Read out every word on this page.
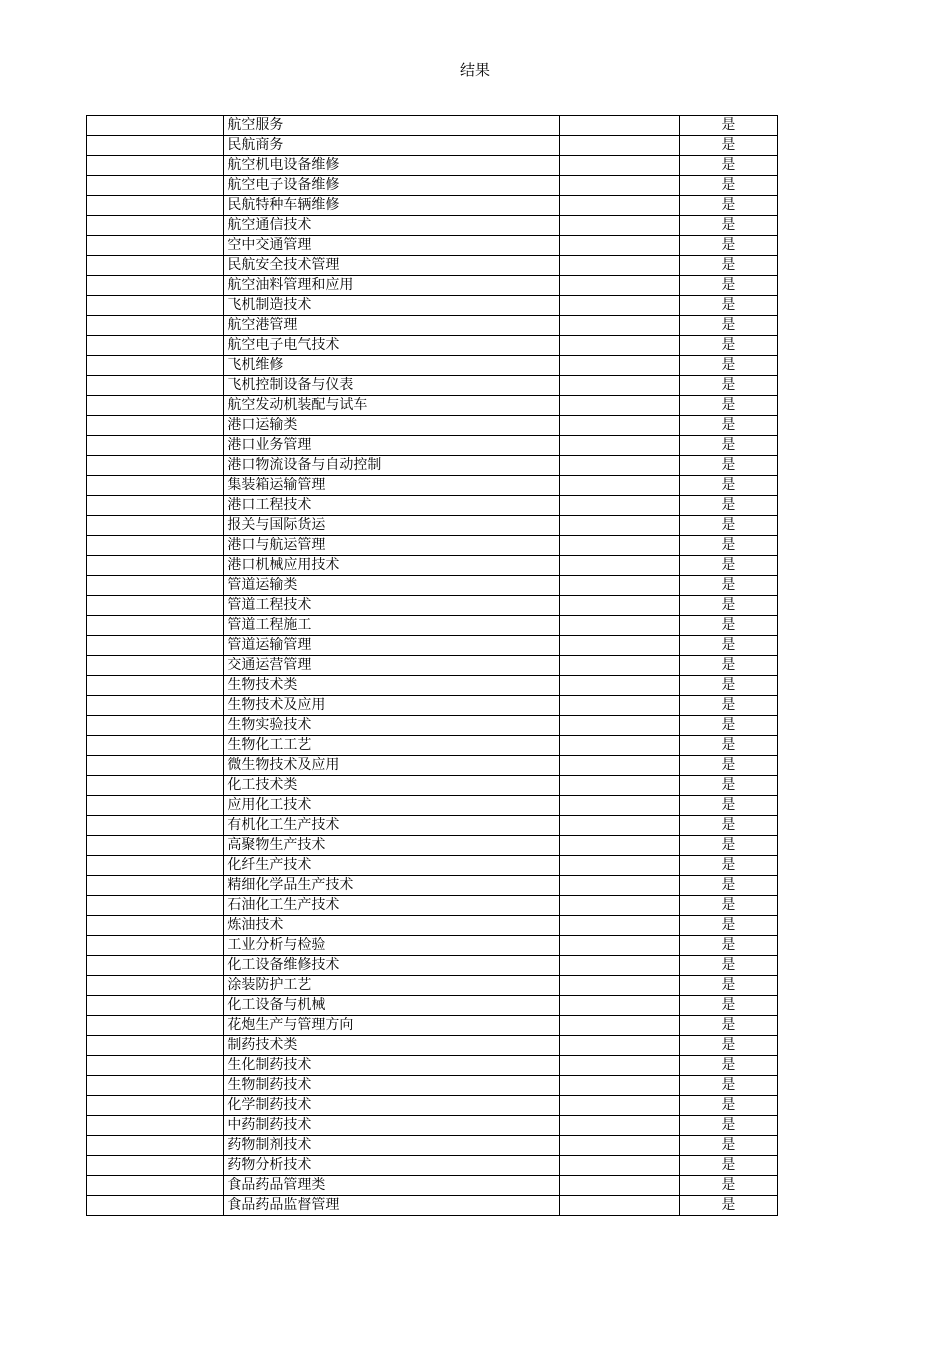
结果
	航空服务		是
	民航商务		是
	航空机电设备维修		是
	航空电子设备维修		是
	民航特种车辆维修		是
	航空通信技术		是
	空中交通管理		是
	民航安全技术管理		是
	航空油料管理和应用		是
	飞机制造技术		是
	航空港管理		是
	航空电子电气技术		是
	飞机维修		是
	飞机控制设备与仪表		是
	航空发动机装配与试车		是
	港口运输类		是
	港口业务管理		是
	港口物流设备与自动控制		是
	集装箱运输管理		是
	港口工程技术		是
	报关与国际货运		是
	港口与航运管理		是
	港口机械应用技术		是
	管道运输类		是
	管道工程技术		是
	管道工程施工		是
	管道运输管理		是
	交通运营管理		是
	生物技术类		是
	生物技术及应用		是
	生物实验技术		是
	生物化工工艺		是
	微生物技术及应用		是
	化工技术类		是
	应用化工技术		是
	有机化工生产技术		是
	高聚物生产技术		是
	化纤生产技术		是
	精细化学品生产技术		是
	石油化工生产技术		是
	炼油技术		是
	工业分析与检验		是
	化工设备维修技术		是
	涂装防护工艺		是
	化工设备与机械		是
	花炮生产与管理方向		是
	制药技术类		是
	生化制药技术		是
	生物制药技术		是
	化学制药技术		是
	中药制药技术		是
	药物制剂技术		是
	药物分析技术		是
	食品药品管理类		是
	食品药品监督管理		是
